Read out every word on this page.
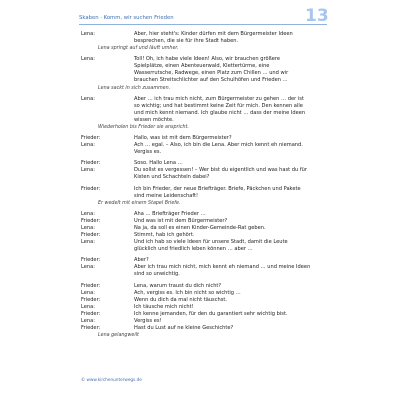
Skaben · Komm, wir suchen Frieden	13
Lena:	Aber, hier steht's: Kinder dürfen mit dem Bürgermeister Ideen
besprechen, die sie für ihre Stadt haben.
Lena springt auf und läuft umher.
Lena:	Toll! Oh, ich habe viele Ideen! Also, wir brauchen größere
Spielplätze, einen Abenteuerwald, Klettertürme, eine
Wasserrutsche, Radwege, einen Platz zum Chillen … und wir
brauchen Streitschlichter auf den Schulhöfen und Frieden …
Lena sackt in sich zusammen.
Lena:	Aber … ich trau mich nicht, zum Bürgermeister zu gehen … der ist
so wichtig; und hat bestimmt keine Zeit für mich. Den kennen alle
und mich kennt niemand. Ich glaube nicht … dass der meine Ideen
wissen möchte.
Wiederholen bis Frieder sie anspricht.
Frieder:	Hallo, was ist mit dem Bürgermeister?
Lena:	Ach … egal. – Also, ich bin die Lena. Aber mich kennt eh niemand.
Vergiss es.
Frieder:	Soso. Hallo Lena …
Lena:	Du sollst es vergessen! – Wer bist du eigentlich und was hast du für
Kisten und Schachteln dabei?
Frieder:	Ich bin Frieder, der neue Briefträger. Briefe, Päckchen und Pakete
sind meine Leidenschaft!
Er wedelt mit einem Stapel Briefe.
Lena:	Aha … Briefträger Frieder …
Frieder:	Und was ist mit dem Bürgermeister?
Lena:	Na ja, da soll es einen Kinder-Gemeinde-Rat geben.
Frieder:	Stimmt, hab ich gehört.
Lena:	Und ich hab so viele Ideen für unsere Stadt, damit die Leute
glücklich und friedlich leben können … aber …
Frieder:	Aber?
Lena:	Aber ich trau mich nicht, mich kennt eh niemand … und meine Ideen
sind so unwichtig.
Frieder:	Lena, warum traust du dich nicht?
Lena:	Ach, vergiss es. Ich bin nicht so wichtig …
Frieder:	Wenn du dich da mal nicht täuschst.
Lena:	Ich täusche mich nicht!
Frieder:	Ich kenne jemanden, für den du garantiert sehr wichtig bist.
Lena:	Vergiss es!
Frieder:	Hast du Lust auf ne kleine Geschichte?
Lena gelangweilt
© www.kirchenunterwegs.de
